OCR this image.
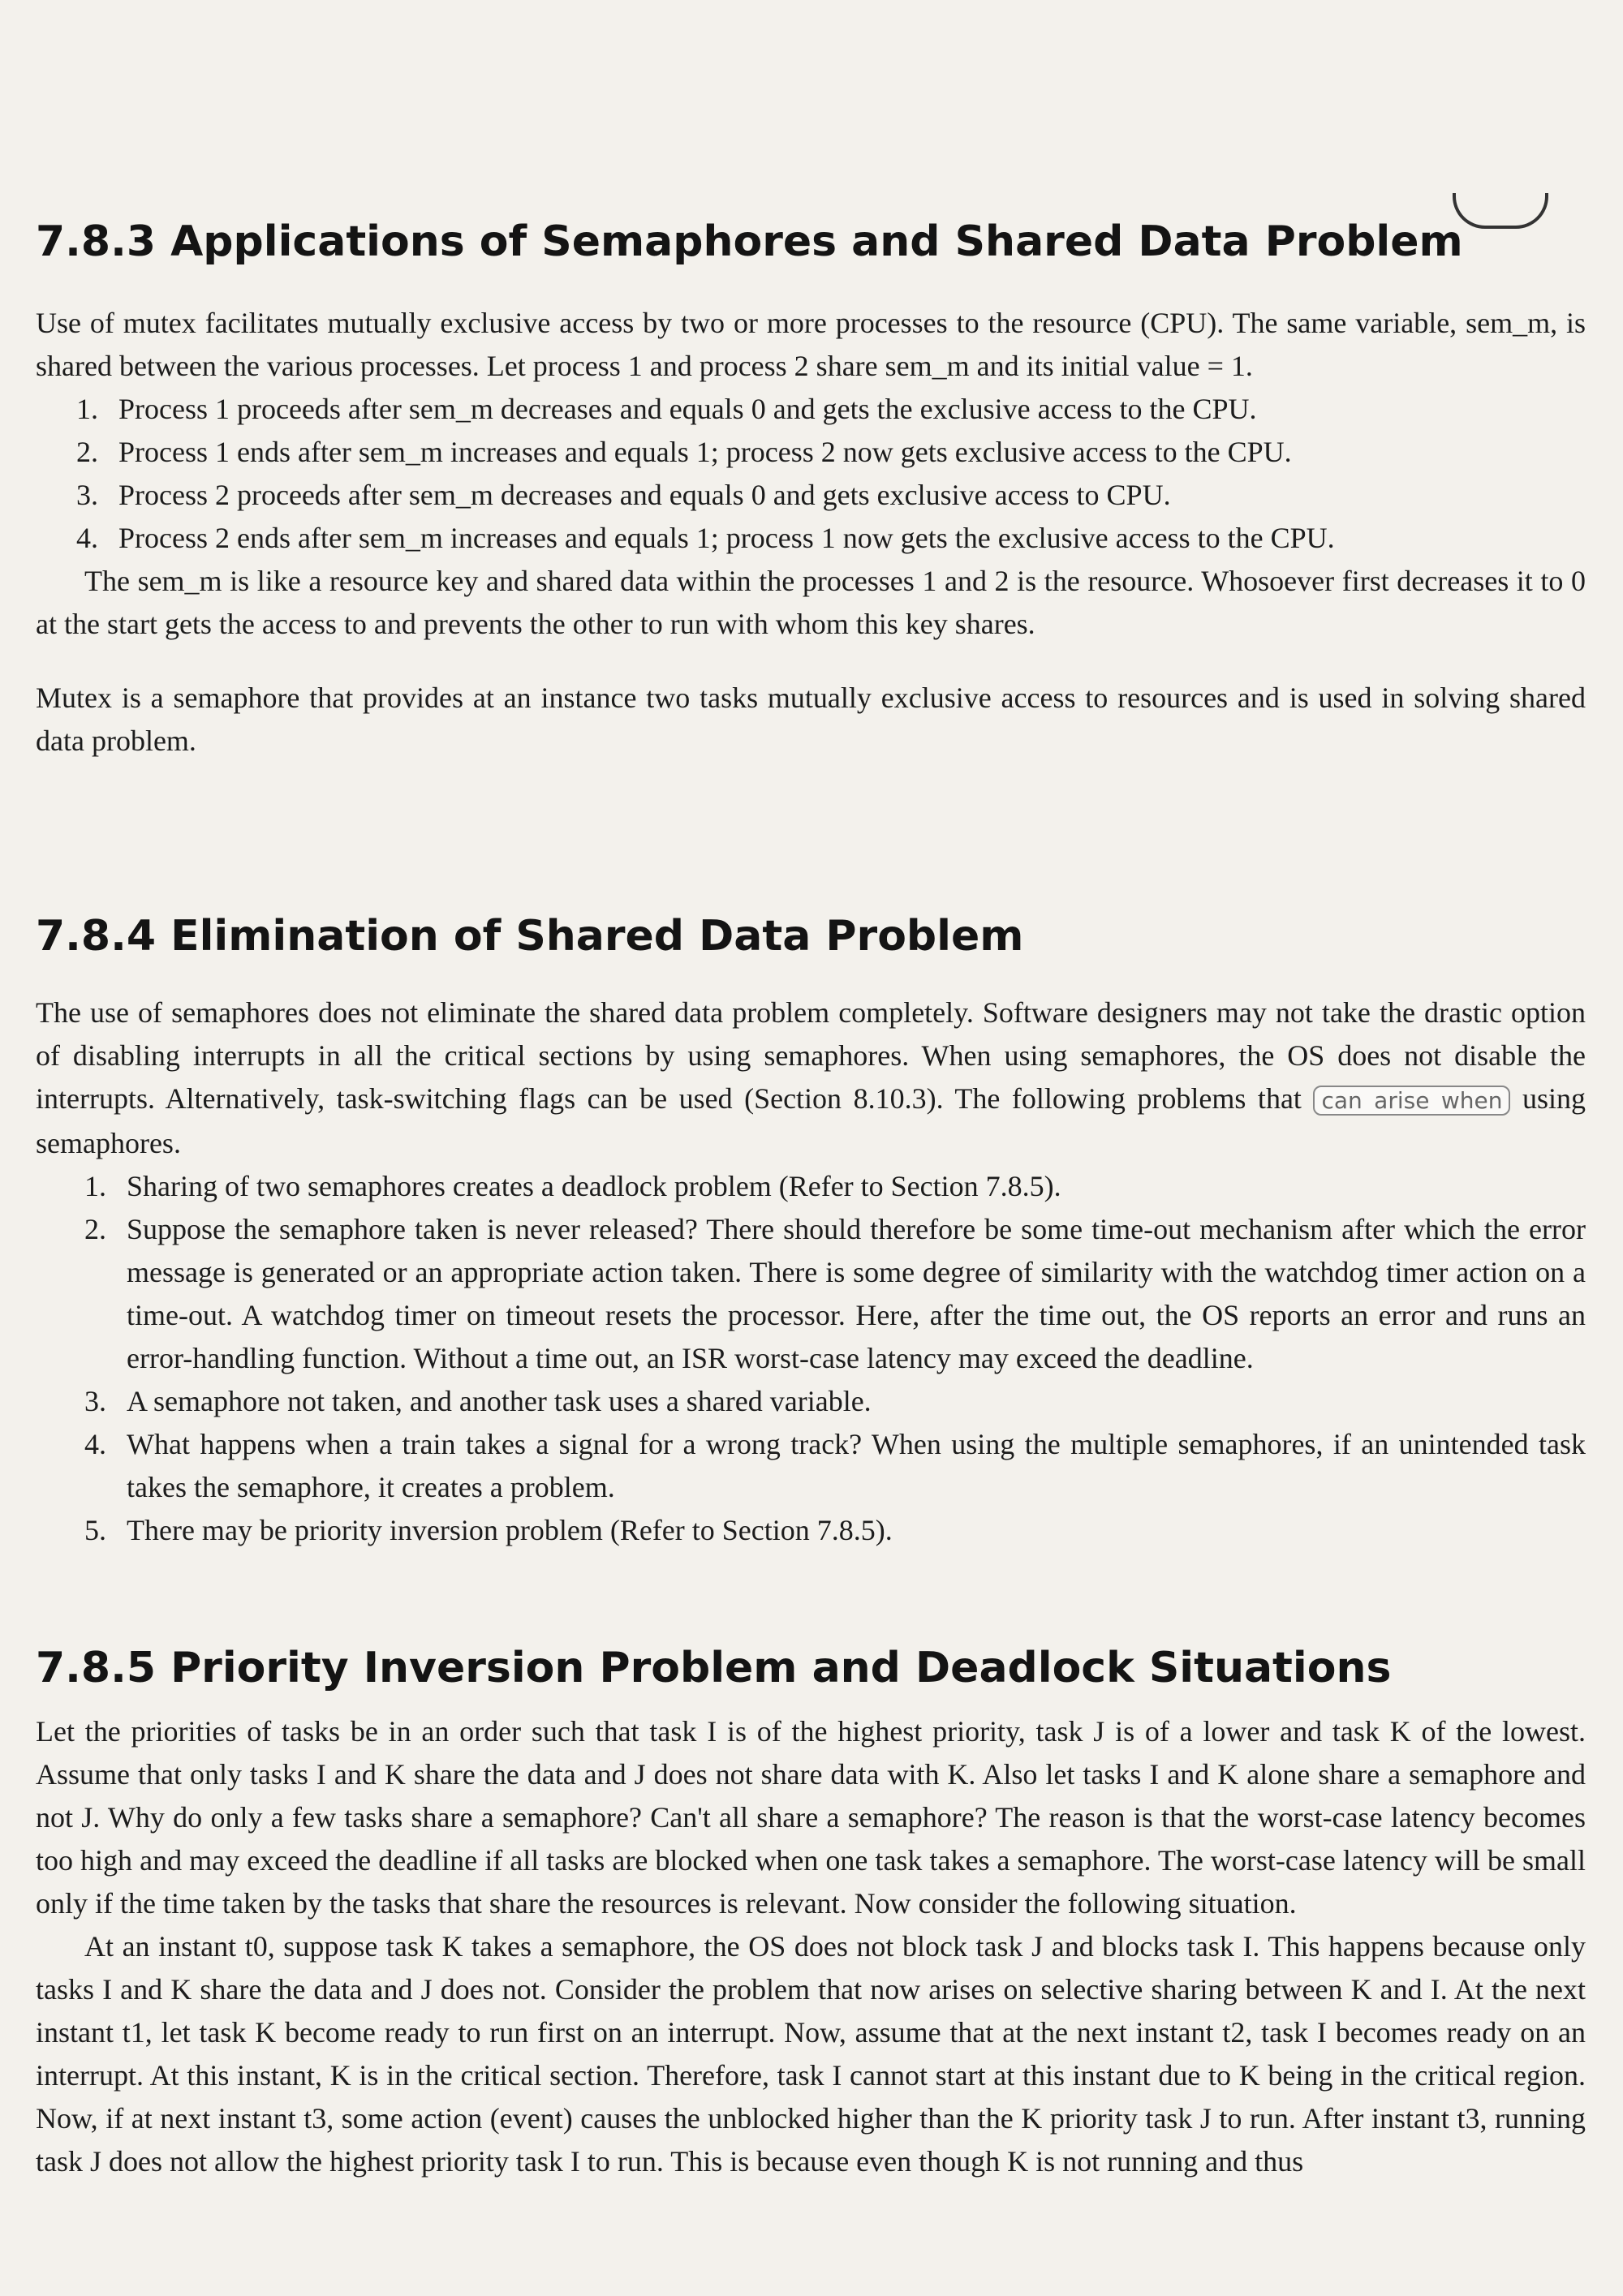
7.8.3 Applications of Semaphores and Shared Data Problem

Use of mutex facilitates mutually exclusive access by two or more processes to the resource (CPU). The same variable, sem_m, is shared between the various processes. Let process 1 and process 2 share sem_m and its initial value = 1.

1. Process 1 proceeds after sem_m decreases and equals 0 and gets the exclusive access to the CPU.
2. Process 1 ends after sem_m increases and equals 1; process 2 now gets exclusive access to the CPU.
3. Process 2 proceeds after sem_m decreases and equals 0 and gets exclusive access to CPU.
4. Process 2 ends after sem_m increases and equals 1; process 1 now gets the exclusive access to the CPU.

The sem_m is like a resource key and shared data within the processes 1 and 2 is the resource. Whosoever first decreases it to 0 at the start gets the access to and prevents the other to run with whom this key shares.

Mutex is a semaphore that provides at an instance two tasks mutually exclusive access to resources and is used in solving shared data problem.

7.8.4 Elimination of Shared Data Problem

The use of semaphores does not eliminate the shared data problem completely. Software designers may not take the drastic option of disabling interrupts in all the critical sections by using semaphores. When using semaphores, the OS does not disable the interrupts. Alternatively, task-switching flags can be used (Section 8.10.3). The following problems that can arise when using semaphores.

1. Sharing of two semaphores creates a deadlock problem (Refer to Section 7.8.5).
2. Suppose the semaphore taken is never released? There should therefore be some time-out mechanism after which the error message is generated or an appropriate action taken. There is some degree of similarity with the watchdog timer action on a time-out. A watchdog timer on timeout resets the processor. Here, after the time out, the OS reports an error and runs an error-handling function. Without a time out, an ISR worst-case latency may exceed the deadline.
3. A semaphore not taken, and another task uses a shared variable.
4. What happens when a train takes a signal for a wrong track? When using the multiple semaphores, if an unintended task takes the semaphore, it creates a problem.
5. There may be priority inversion problem (Refer to Section 7.8.5).
7.8.5 Priority Inversion Problem and Deadlock Situations

Let the priorities of tasks be in an order such that task I is of the highest priority, task J is of a lower and task K of the lowest. Assume that only tasks I and K share the data and J does not share data with K. Also let tasks I and K alone share a semaphore and not J. Why do only a few tasks share a semaphore? Can't all share a semaphore? The reason is that the worst-case latency becomes too high and may exceed the deadline if all tasks are blocked when one task takes a semaphore. The worst-case latency will be small only if the time taken by the tasks that share the resources is relevant. Now consider the following situation.

At an instant t0, suppose task K takes a semaphore, the OS does not block task J and blocks task I. This happens because only tasks I and K share the data and J does not. Consider the problem that now arises on selective sharing between K and I. At the next instant t1, let task K become ready to run first on an interrupt. Now, assume that at the next instant t2, task I becomes ready on an interrupt. At this instant, K is in the critical section. Therefore, task I cannot start at this instant due to K being in the critical region. Now, if at next instant t3, some action (event) causes the unblocked higher than the K priority task J to run. After instant t3, running task J does not allow the highest priority task I to run. This is because even though K is not running and thus
